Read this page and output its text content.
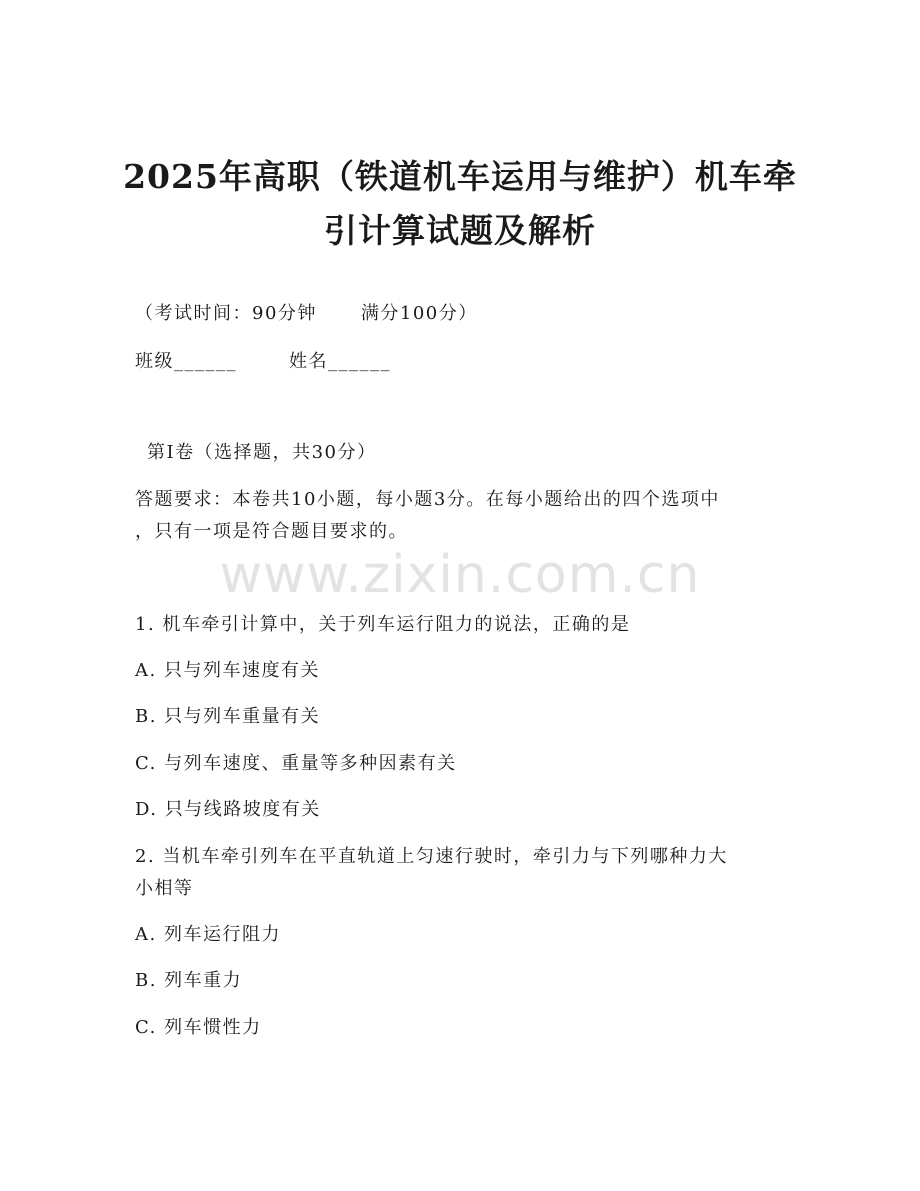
www.zixin.com.cn
2025年高职（铁道机车运用与维护）机车牵
引计算试题及解析

（考试时间：90分钟 满分100分）

班级______	姓名______

第I卷（选择题，共30分）

答题要求：本卷共10小题，每小题3分。在每小题给出的四个选项中

，只有一项是符合题目要求的。

1. 机车牵引计算中，关于列车运行阻力的说法，正确的是

A. 只与列车速度有关

B. 只与列车重量有关

C. 与列车速度、重量等多种因素有关

D. 只与线路坡度有关

2. 当机车牵引列车在平直轨道上匀速行驶时，牵引力与下列哪种力大

小相等

A. 列车运行阻力

B. 列车重力

C. 列车惯性力
